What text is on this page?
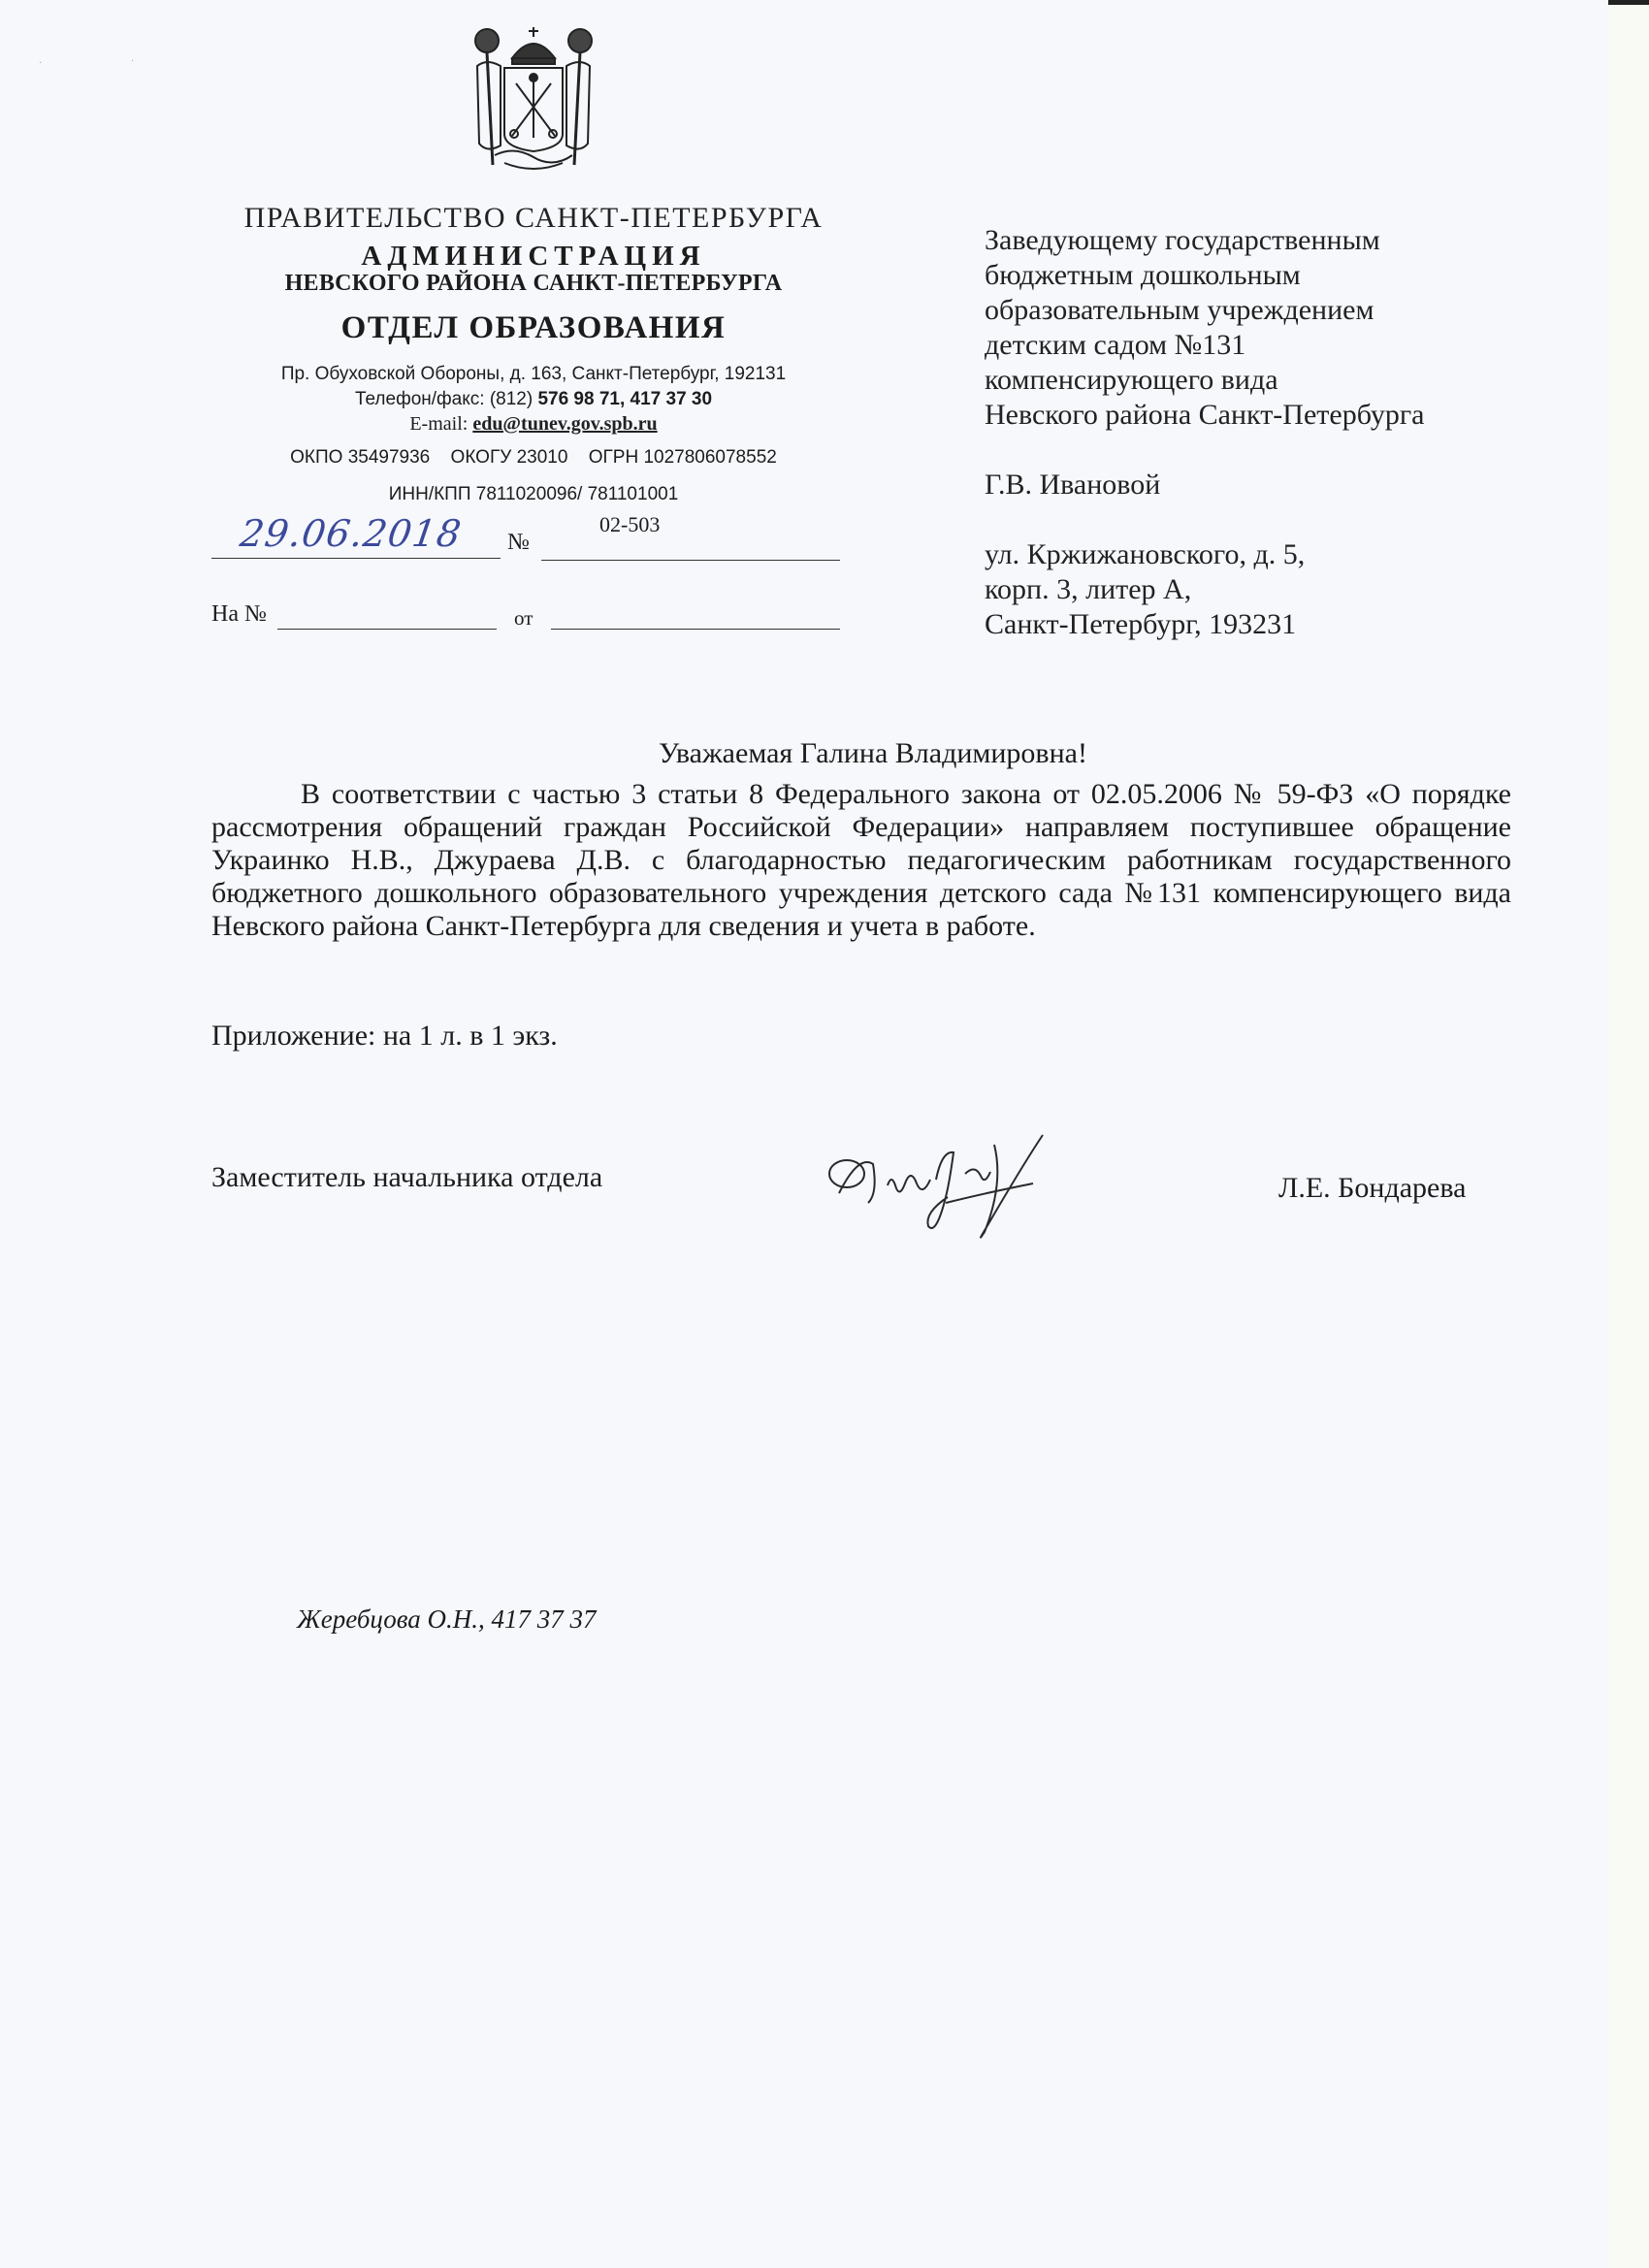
·	·
ПРАВИТЕЛЬСТВО САНКТ-ПЕТЕРБУРГА
АДМИНИСТРАЦИЯ
НЕВСКОГО РАЙОНА САНКТ-ПЕТЕРБУРГА
ОТДЕЛ ОБРАЗОВАНИЯ
Пр. Обуховской Обороны, д. 163, Санкт-Петербург, 192131
Телефон/факс: (812) 576 98 71, 417 37 30
E-mail: edu@tunev.gov.spb.ru
ОКПО 35497936 ОКОГУ 23010 ОГРН 1027806078552
ИНН/КПП 7811020096/ 781101001
29.06.2018 №
02-503
На №	от
Заведующему государственным
бюджетным дошкольным
образовательным учреждением
детским садом №131
компенсирующего вида
Невского района Санкт-Петербурга
Г.В. Ивановой
ул. Кржижановского, д. 5,
корп. 3, литер А,
Санкт-Петербург, 193231
Уважаемая Галина Владимировна!

В соответствии с частью 3 статьи 8 Федерального закона от 02.05.2006 № 59-ФЗ «О порядке рассмотрения обращений граждан Российской Федерации» направляем поступившее обращение Украинко Н.В., Джураева Д.В. с благодарностью педагогическим работникам государственного бюджетного дошкольного образовательного учреждения детского сада №131 компенсирующего вида Невского района Санкт-Петербурга для сведения и учета в работе.

Приложение: на 1 л. в 1 экз.
Заместитель начальника отдела	Л.Е. Бондарева
Жеребцова О.Н., 417 37 37
